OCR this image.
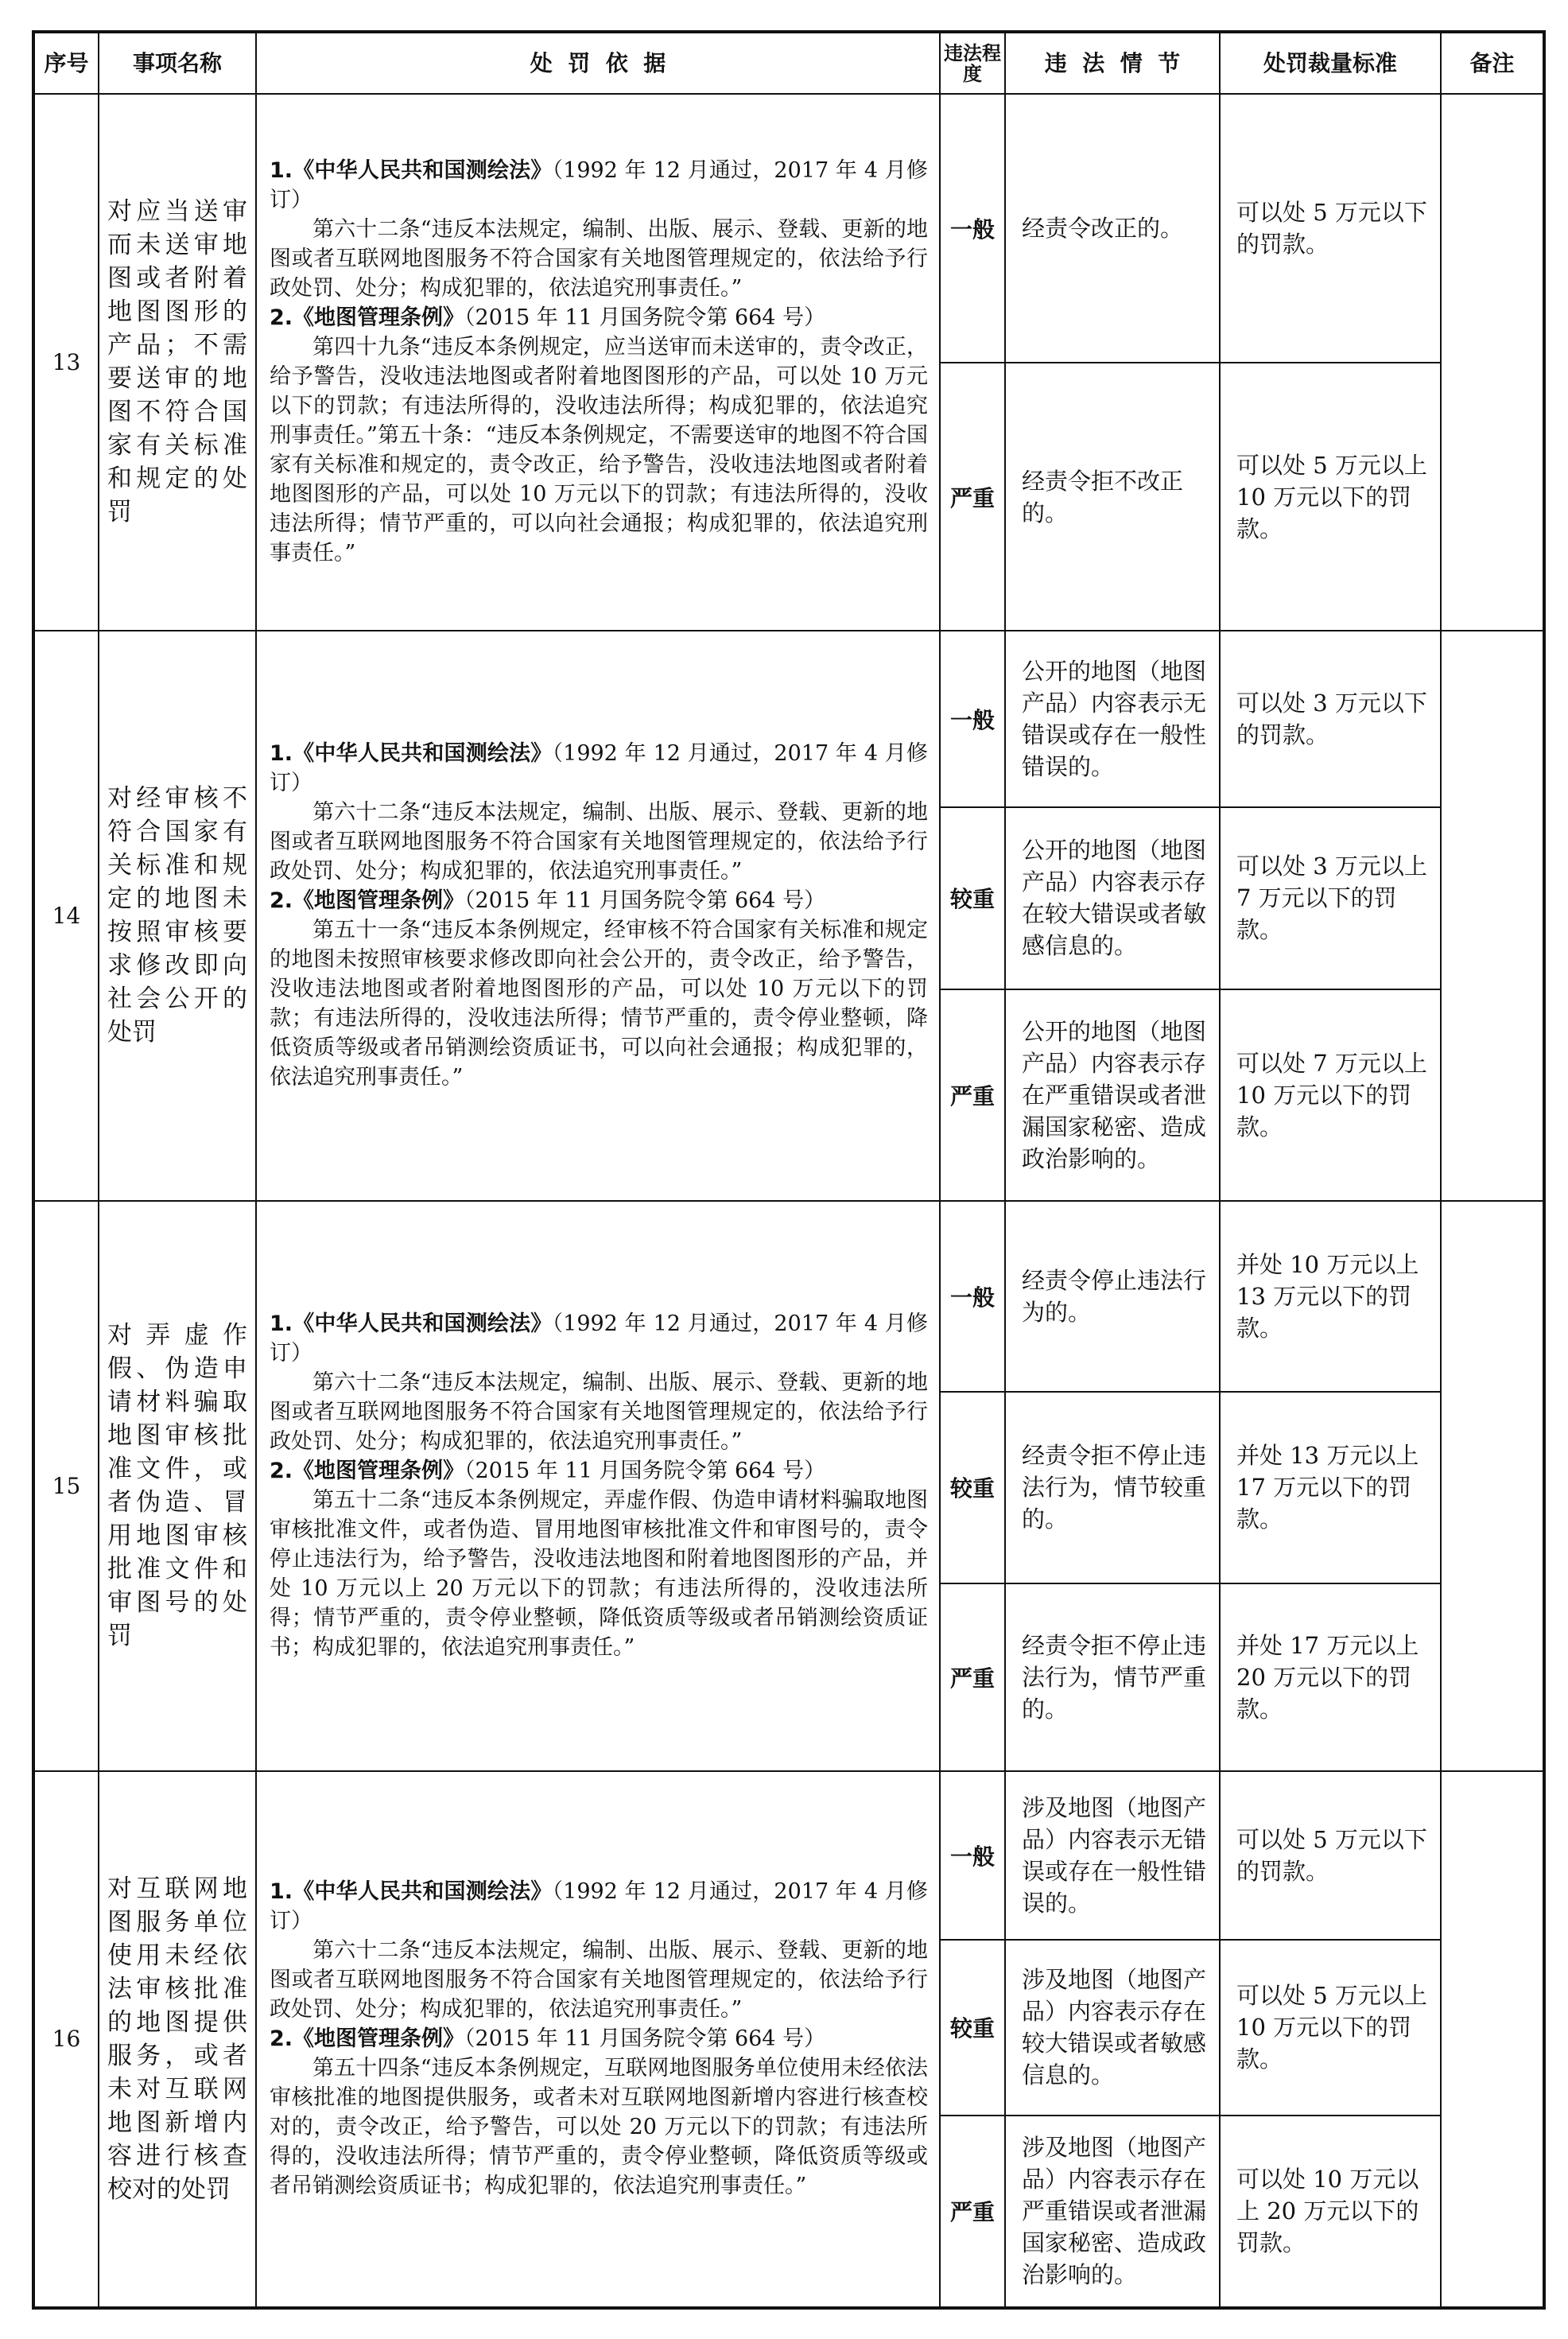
序号	事项名称	处  罚  依  据	违法程度	违  法  情  节	处罚裁量标准	备注
13	对应当送审而未送审地图或者附着地图图形的产品；不需要送审的地图不符合国家有关标准和规定的处罚	1.《中华人民共和国测绘法》（1992 年 12 月通过，2017 年 4 月修订）
第六十二条“违反本法规定，编制、出版、展示、登载、更新的地图或者互联网地图服务不符合国家有关地图管理规定的，依法给予行政处罚、处分；构成犯罪的，依法追究刑事责任。”
2.《地图管理条例》（2015 年 11 月国务院令第 664 号）
第四十九条“违反本条例规定，应当送审而未送审的，责令改正，给予警告，没收违法地图或者附着地图图形的产品，可以处 10 万元以下的罚款；有违法所得的，没收违法所得；构成犯罪的，依法追究刑事责任。”第五十条：“违反本条例规定，不需要送审的地图不符合国家有关标准和规定的，责令改正，给予警告，没收违法地图或者附着地图图形的产品，可以处 10 万元以下的罚款；有违法所得的，没收违法所得；情节严重的，可以向社会通报；构成犯罪的，依法追究刑事责任。”	一般	经责令改正的。	可以处 5 万元以下的罚款。	
			严重	经责令拒不改正的。	可以处 5 万元以上 10 万元以下的罚款。	
14	对经审核不符合国家有关标准和规定的地图未按照审核要求修改即向社会公开的处罚	1.《中华人民共和国测绘法》（1992 年 12 月通过，2017 年 4 月修订）
第六十二条“违反本法规定，编制、出版、展示、登载、更新的地图或者互联网地图服务不符合国家有关地图管理规定的，依法给予行政处罚、处分；构成犯罪的，依法追究刑事责任。”
2.《地图管理条例》（2015 年 11 月国务院令第 664 号）
第五十一条“违反本条例规定，经审核不符合国家有关标准和规定的地图未按照审核要求修改即向社会公开的，责令改正，给予警告，没收违法地图或者附着地图图形的产品，可以处 10 万元以下的罚款；有违法所得的，没收违法所得；情节严重的，责令停业整顿，降低资质等级或者吊销测绘资质证书，可以向社会通报；构成犯罪的，依法追究刑事责任。”	一般	公开的地图（地图产品）内容表示无错误或存在一般性错误的。	可以处 3 万元以下的罚款。	
			较重	公开的地图（地图产品）内容表示存在较大错误或者敏感信息的。	可以处 3 万元以上 7 万元以下的罚款。	
			严重	公开的地图（地图产品）内容表示存在严重错误或者泄漏国家秘密、造成政治影响的。	可以处 7 万元以上 10 万元以下的罚款。	
15	对弄虚作假、伪造申请材料骗取地图审核批准文件，或者伪造、冒用地图审核批准文件和审图号的处罚	1.《中华人民共和国测绘法》（1992 年 12 月通过，2017 年 4 月修订）
第六十二条“违反本法规定，编制、出版、展示、登载、更新的地图或者互联网地图服务不符合国家有关地图管理规定的，依法给予行政处罚、处分；构成犯罪的，依法追究刑事责任。”
2.《地图管理条例》（2015 年 11 月国务院令第 664 号）
第五十二条“违反本条例规定，弄虚作假、伪造申请材料骗取地图审核批准文件，或者伪造、冒用地图审核批准文件和审图号的，责令停止违法行为，给予警告，没收违法地图和附着地图图形的产品，并处 10 万元以上 20 万元以下的罚款；有违法所得的，没收违法所得；情节严重的，责令停业整顿，降低资质等级或者吊销测绘资质证书；构成犯罪的，依法追究刑事责任。”	一般	经责令停止违法行为的。	并处 10 万元以上 13 万元以下的罚款。	
			较重	经责令拒不停止违法行为，情节较重的。	并处 13 万元以上 17 万元以下的罚款。	
			严重	经责令拒不停止违法行为，情节严重的。	并处 17 万元以上 20 万元以下的罚款。	
16	对互联网地图服务单位使用未经依法审核批准的地图提供服务，或者未对互联网地图新增内容进行核查校对的处罚	1.《中华人民共和国测绘法》（1992 年 12 月通过，2017 年 4 月修订）
第六十二条“违反本法规定，编制、出版、展示、登载、更新的地图或者互联网地图服务不符合国家有关地图管理规定的，依法给予行政处罚、处分；构成犯罪的，依法追究刑事责任。”
2.《地图管理条例》（2015 年 11 月国务院令第 664 号）
第五十四条“违反本条例规定，互联网地图服务单位使用未经依法审核批准的地图提供服务，或者未对互联网地图新增内容进行核查校对的，责令改正，给予警告，可以处 20 万元以下的罚款；有违法所得的，没收违法所得；情节严重的，责令停业整顿，降低资质等级或者吊销测绘资质证书；构成犯罪的，依法追究刑事责任。”	一般	涉及地图（地图产品）内容表示无错误或存在一般性错误的。	可以处 5 万元以下的罚款。	
			较重	涉及地图（地图产品）内容表示存在较大错误或者敏感信息的。	可以处 5 万元以上 10 万元以下的罚款。	
			严重	涉及地图（地图产品）内容表示存在严重错误或者泄漏国家秘密、造成政治影响的。	可以处 10 万元以上 20 万元以下的罚款。	
